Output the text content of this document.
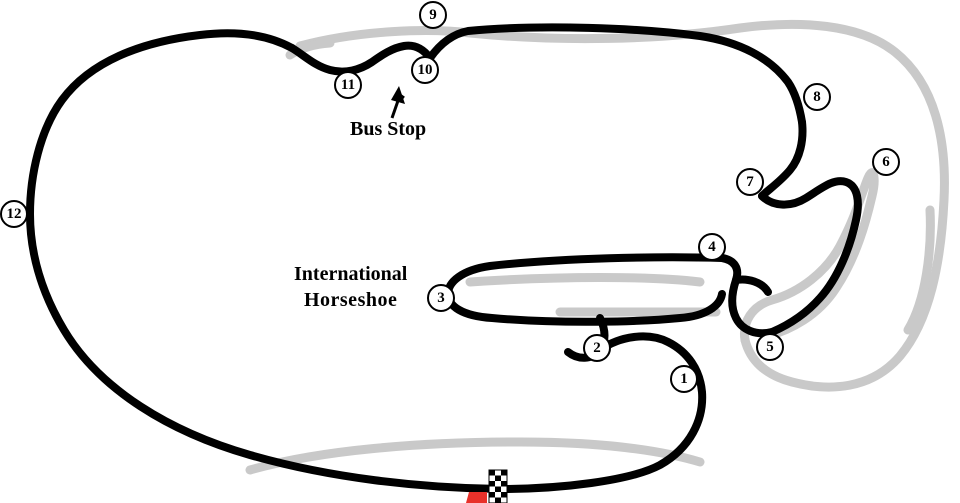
1
2
3
4
5
6
7
8
9
10
11
12
Bus Stop
International
Horseshoe
